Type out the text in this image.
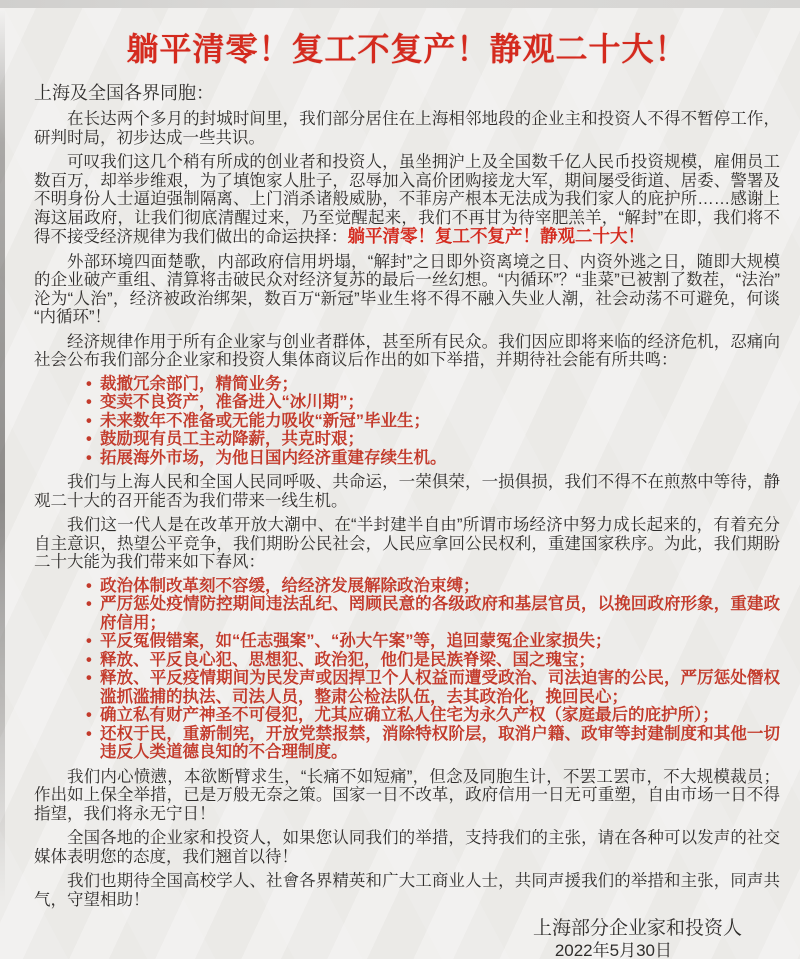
躺平清零！复工不复产！静观二十大！

上海及全国各界同胞：

在长达两个多月的封城时间里，我们部分居住在上海相邻地段的企业主和投资人不得不暂停工作，研判时局，初步达成一些共识。

可叹我们这几个稍有所成的创业者和投资人，虽坐拥沪上及全国数千亿人民币投资规模，雇佣员工数百万，却举步维艰，为了填饱家人肚子，忍辱加入高价团购接龙大军，期间屡受街道、居委、警署及不明身份人士逼迫强制隔离、上门消杀诸般威胁，不菲房产根本无法成为我们家人的庇护所……感谢上海这届政府，让我们彻底清醒过来，乃至觉醒起来，我们不再甘为待宰肥羔羊，“解封”在即，我们将不得不接受经济规律为我们做出的命运抉择：躺平清零！复工不复产！静观二十大！

外部环境四面楚歌，内部政府信用坍塌，“解封”之日即外资离境之日、内资外逃之日，随即大规模的企业破产重组、清算将击破民众对经济复苏的最后一丝幻想。“内循环”？“韭菜”已被割了数茬，“法治”沦为“人治”，经济被政治绑架，数百万“新冠”毕业生将不得不融入失业人潮，社会动荡不可避免，何谈“内循环”！

经济规律作用于所有企业家与创业者群体，甚至所有民众。我们因应即将来临的经济危机，忍痛向社会公布我们部分企业家和投资人集体商议后作出的如下举措，并期待社会能有所共鸣：

• 裁撤冗余部门，精简业务；
• 变卖不良资产，准备进入“冰川期”；
• 未来数年不准备或无能力吸收“新冠”毕业生；
• 鼓励现有员工主动降薪，共克时艰；
• 拓展海外市场，为他日国内经济重建存续生机。

我们与上海人民和全国人民同呼吸、共命运，一荣俱荣，一损俱损，我们不得不在煎熬中等待，静观二十大的召开能否为我们带来一线生机。

我们这一代人是在改革开放大潮中、在“半封建半自由”所谓市场经济中努力成长起来的，有着充分自主意识，热望公平竞争，我们期盼公民社会，人民应拿回公民权利，重建国家秩序。为此，我们期盼二十大能为我们带来如下春风：

• 政治体制改革刻不容缓，给经济发展解除政治束缚；
• 严厉惩处疫情防控期间违法乱纪、罔顾民意的各级政府和基层官员，以挽回政府形象，重建政府信用；
• 平反冤假错案，如“任志强案”、“孙大午案”等，追回蒙冤企业家损失；
• 释放、平反良心犯、思想犯、政治犯，他们是民族脊梁、国之瑰宝；
• 释放、平反疫情期间为民发声或因捍卫个人权益而遭受政治、司法迫害的公民，严厉惩处僭权滥抓滥捕的执法、司法人员，整肃公检法队伍，去其政治化，挽回民心；
• 确立私有财产神圣不可侵犯，尤其应确立私人住宅为永久产权（家庭最后的庇护所）；
• 还权于民，重新制宪，开放党禁报禁，消除特权阶层，取消户籍、政审等封建制度和其他一切违反人类道德良知的不合理制度。

我们内心愤懑，本欲断臂求生，“长痛不如短痛”，但念及同胞生计，不罢工罢市，不大规模裁员；作出如上保全举措，已是万般无奈之策。国家一日不改革，政府信用一日无可重塑，自由市场一日不得指望，我们将永无宁日！

全国各地的企业家和投资人，如果您认同我们的举措，支持我们的主张，请在各种可以发声的社交媒体表明您的态度，我们翘首以待！

我们也期待全国高校学人、社會各界精英和广大工商业人士，共同声援我们的举措和主张，同声共气，守望相助！

上海部分企业家和投资人
2022年5月30日
